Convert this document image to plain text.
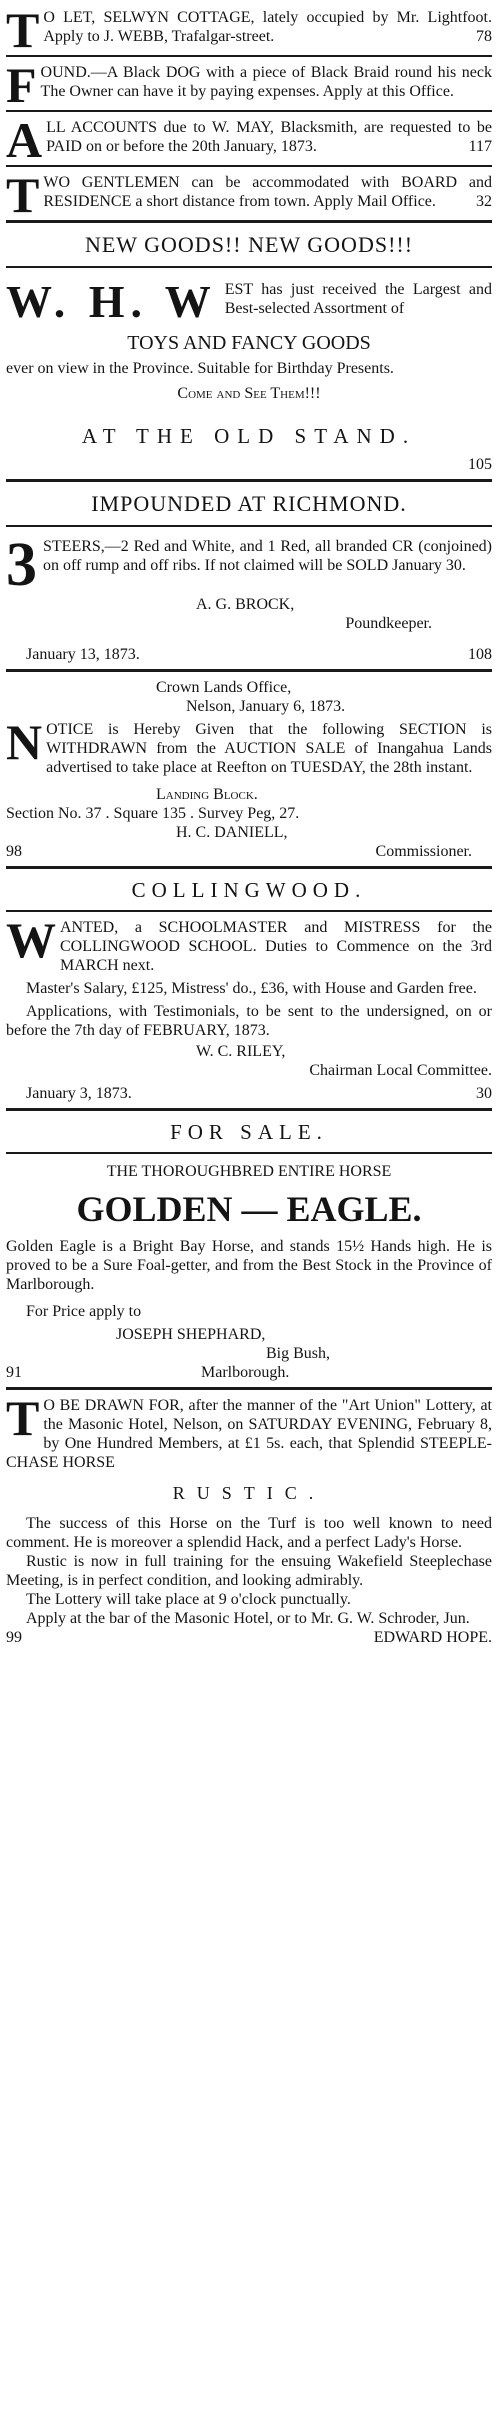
T O LET, SELWYN COTTAGE, lately occupied by Mr. Lightfoot. Apply to J. WEBB, Trafalgar-street.	78

F OUND.—A Black DOG with a piece of Black Braid round his neck The Owner can have it by paying expenses. Apply at this Office.

A LL ACCOUNTS due to W. MAY, Blacksmith, are requested to be PAID on or before the 20th January, 1873.	117

T WO GENTLEMEN can be accommodated with BOARD and RESIDENCE a short distance from town. Apply Mail Office.	32

NEW GOODS!! NEW GOODS!!!
W. H. W EST has just received the Largest and Best-selected Assortment of

TOYS AND FANCY GOODS

ever on view in the Province. Suitable for Birthday Presents.

Come and See Them!!!
AT THE OLD STAND.
105
IMPOUNDED AT RICHMOND.
3 STEERS,—2 Red and White, and 1 Red, all branded CR (conjoined) on off rump and off ribs. If not claimed will be SOLD January 30.

A. G. BROCK,
Poundkeeper.
January 13, 1873.	108
Crown Lands Office,
Nelson, January 6, 1873.
N OTICE is Hereby Given that the following SECTION is WITHDRAWN from the AUCTION SALE of Inangahua Lands advertised to take place at Reefton on TUESDAY, the 28th instant.

Landing Block.
Section No. 37 . Square 135 . Survey Peg, 27.
H. C. DANIELL,
98	Commissioner.
COLLINGWOOD.
W ANTED, a SCHOOLMASTER and MISTRESS for the COLLINGWOOD SCHOOL. Duties to Commence on the 3rd MARCH next.

Master's Salary, £125, Mistress' do., £36, with House and Garden free.

Applications, with Testimonials, to be sent to the undersigned, on or before the 7th day of FEBRUARY, 1873.

W. C. RILEY,
Chairman Local Committee.
January 3, 1873.	30
FOR SALE.
THE THOROUGHBRED ENTIRE HORSE
GOLDEN — EAGLE.

Golden Eagle is a Bright Bay Horse, and stands 15½ Hands high. He is proved to be a Sure Foal-getter, and from the Best Stock in the Province of Marlborough.

For Price apply to
JOSEPH SHEPHARD,
Big Bush,
91	Marlborough.
T O BE DRAWN FOR, after the manner of the "Art Union" Lottery, at the Masonic Hotel, Nelson, on SATURDAY EVENING, February 8, by One Hundred Members, at £1 5s. each, that Splendid STEEPLE-CHASE HORSE

RUSTIC.

The success of this Horse on the Turf is too well known to need comment. He is moreover a splendid Hack, and a perfect Lady's Horse.

Rustic is now in full training for the ensuing Wakefield Steeplechase Meeting, is in perfect condition, and looking admirably.

The Lottery will take place at 9 o'clock punctually.

Apply at the bar of the Masonic Hotel, or to Mr. G. W. Schroder, Jun.

99	EDWARD HOPE.
